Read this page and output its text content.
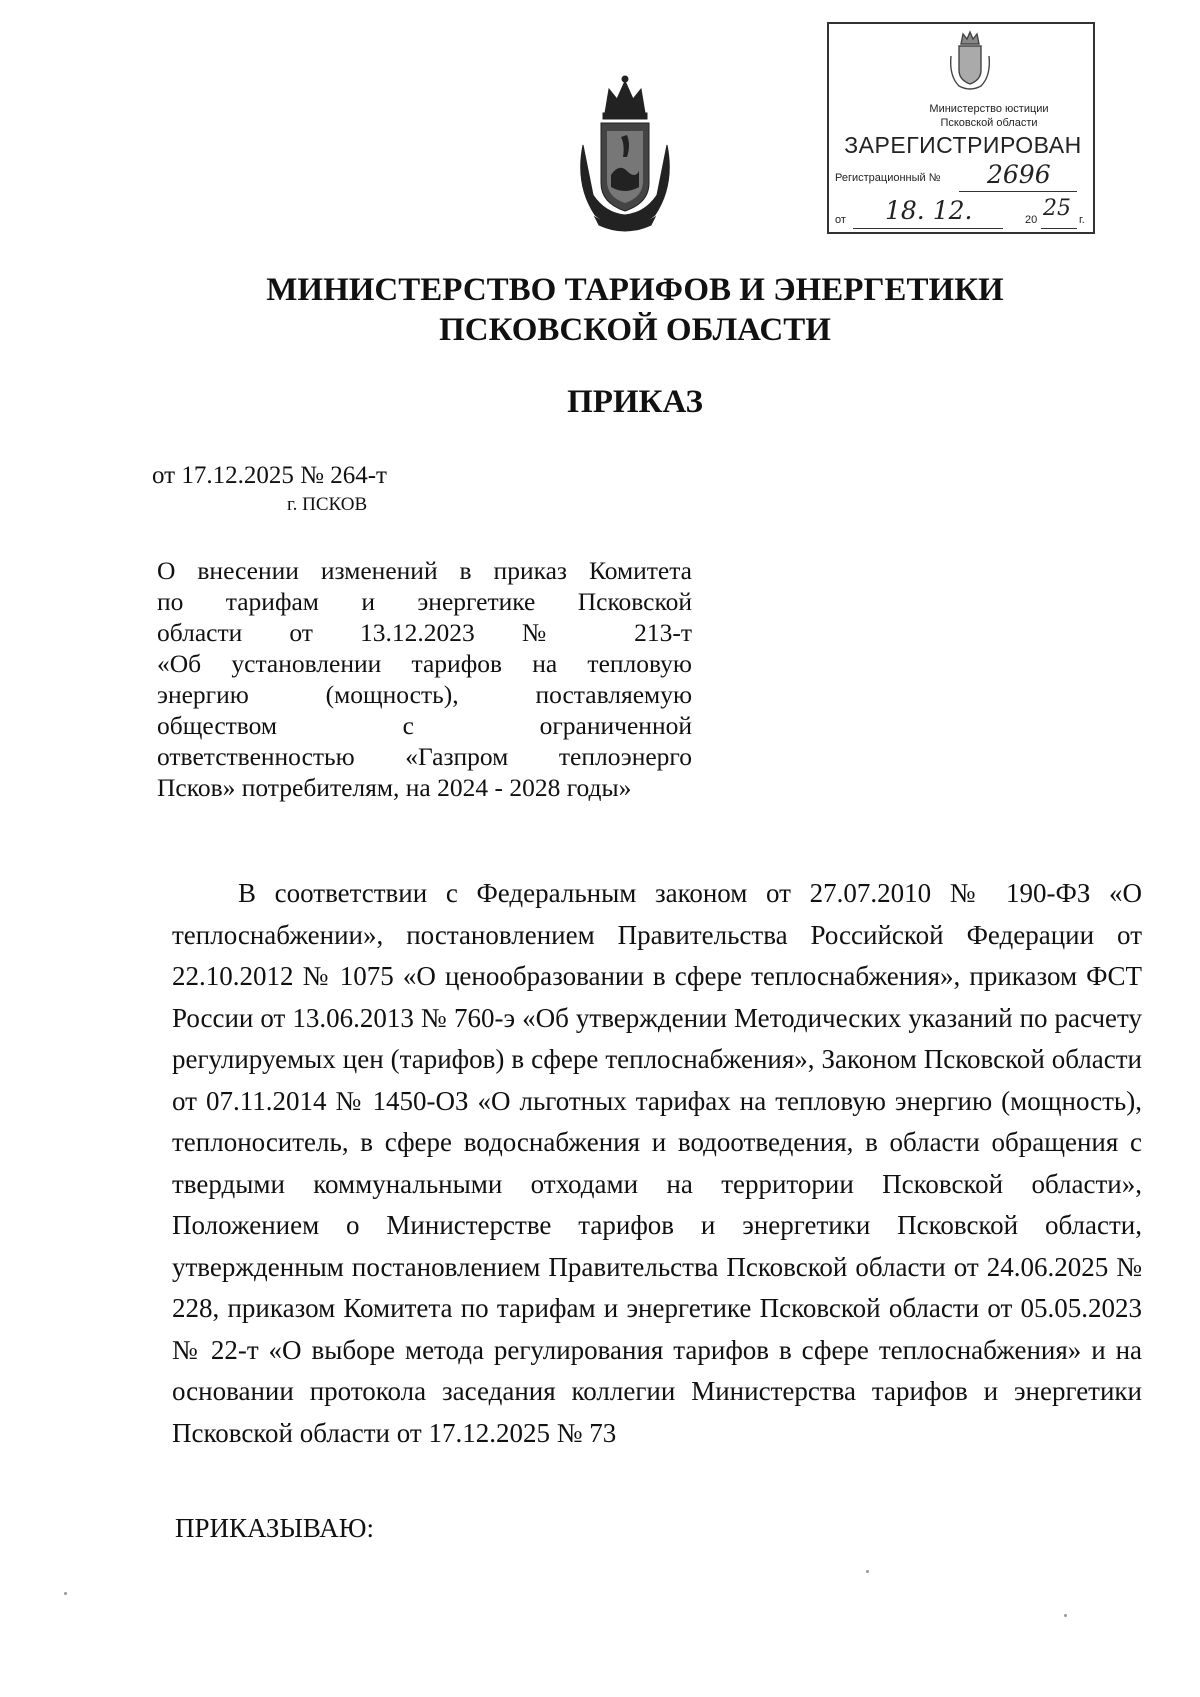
Министерство юстиции
Псковской области
ЗАРЕГИСТРИРОВАН
Регистрационный № 2696
от 18. 12.	20 25 г.
МИНИСТЕРСТВО ТАРИФОВ И ЭНЕРГЕТИКИ
ПСКОВСКОЙ ОБЛАСТИ
ПРИКАЗ
от 17.12.2025 № 264-т
г. ПСКОВ
О внесении изменений в приказ Комитета
по тарифам и энергетике Псковской
области от 13.12.2023 № 213-т
«Об установлении тарифов на тепловую
энергию (мощность), поставляемую
обществом с ограниченной
ответственностью «Газпром теплоэнерго
Псков» потребителям, на 2024 - 2028 годы»
В соответствии с Федеральным законом от 27.07.2010 № 190-ФЗ «О теплоснабжении», постановлением Правительства Российской Федерации от 22.10.2012 № 1075 «О ценообразовании в сфере теплоснабжения», приказом ФСТ России от 13.06.2013 № 760-э «Об утверждении Методических указаний по расчету регулируемых цен (тарифов) в сфере теплоснабжения», Законом Псковской области от 07.11.2014 № 1450-ОЗ «О льготных тарифах на тепловую энергию (мощность), теплоноситель, в сфере водоснабжения и водоотведения, в области обращения с твердыми коммунальными отходами на территории Псковской области», Положением о Министерстве тарифов и энергетики Псковской области, утвержденным постановлением Правительства Псковской области от 24.06.2025 № 228, приказом Комитета по тарифам и энергетике Псковской области от 05.05.2023 № 22-т «О выборе метода регулирования тарифов в сфере теплоснабжения» и на основании протокола заседания коллегии Министерства тарифов и энергетики Псковской области от 17.12.2025 № 73
ПРИКАЗЫВАЮ:
